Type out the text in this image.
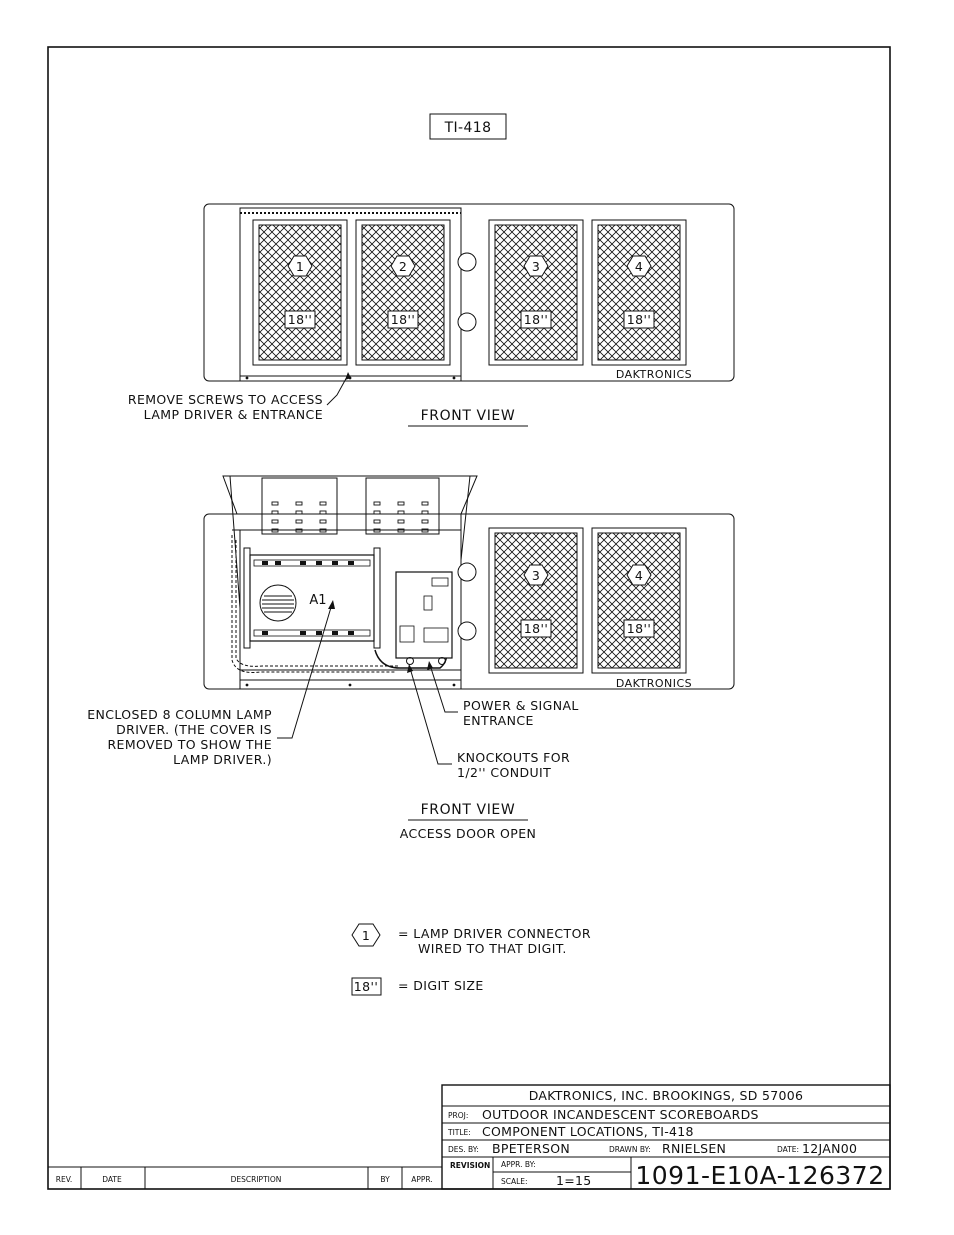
TI-418
1
18''
2
18''
3
18''
4
18''
DAKTRONICS
REMOVE SCREWS TO ACCESS
LAMP DRIVER & ENTRANCE	FRONT VIEW
A1
3
18''
4
18''
DAKTRONICS
ENCLOSED 8 COLUMN LAMP
DRIVER. (THE COVER IS
REMOVED TO SHOW THE
LAMP DRIVER.)
POWER & SIGNAL
ENTRANCE
KNOCKOUTS FOR
1/2'' CONDUIT
FRONT VIEW
ACCESS DOOR OPEN
1 = LAMP DRIVER CONNECTOR
WIRED TO THAT DIGIT.
18'' = DIGIT SIZE
REV.	DATE	DESCRIPTION	BY	APPR.
DAKTRONICS, INC. BROOKINGS, SD 57006
PROJ: OUTDOOR INCANDESCENT SCOREBOARDS
TITLE: COMPONENT LOCATIONS, TI-418
DES. BY: BPETERSON	DRAWN BY: RNIELSEN	DATE: 12JAN00
REVISION APPR. BY:
SCALE: 1=15 1091-E10A-126372
